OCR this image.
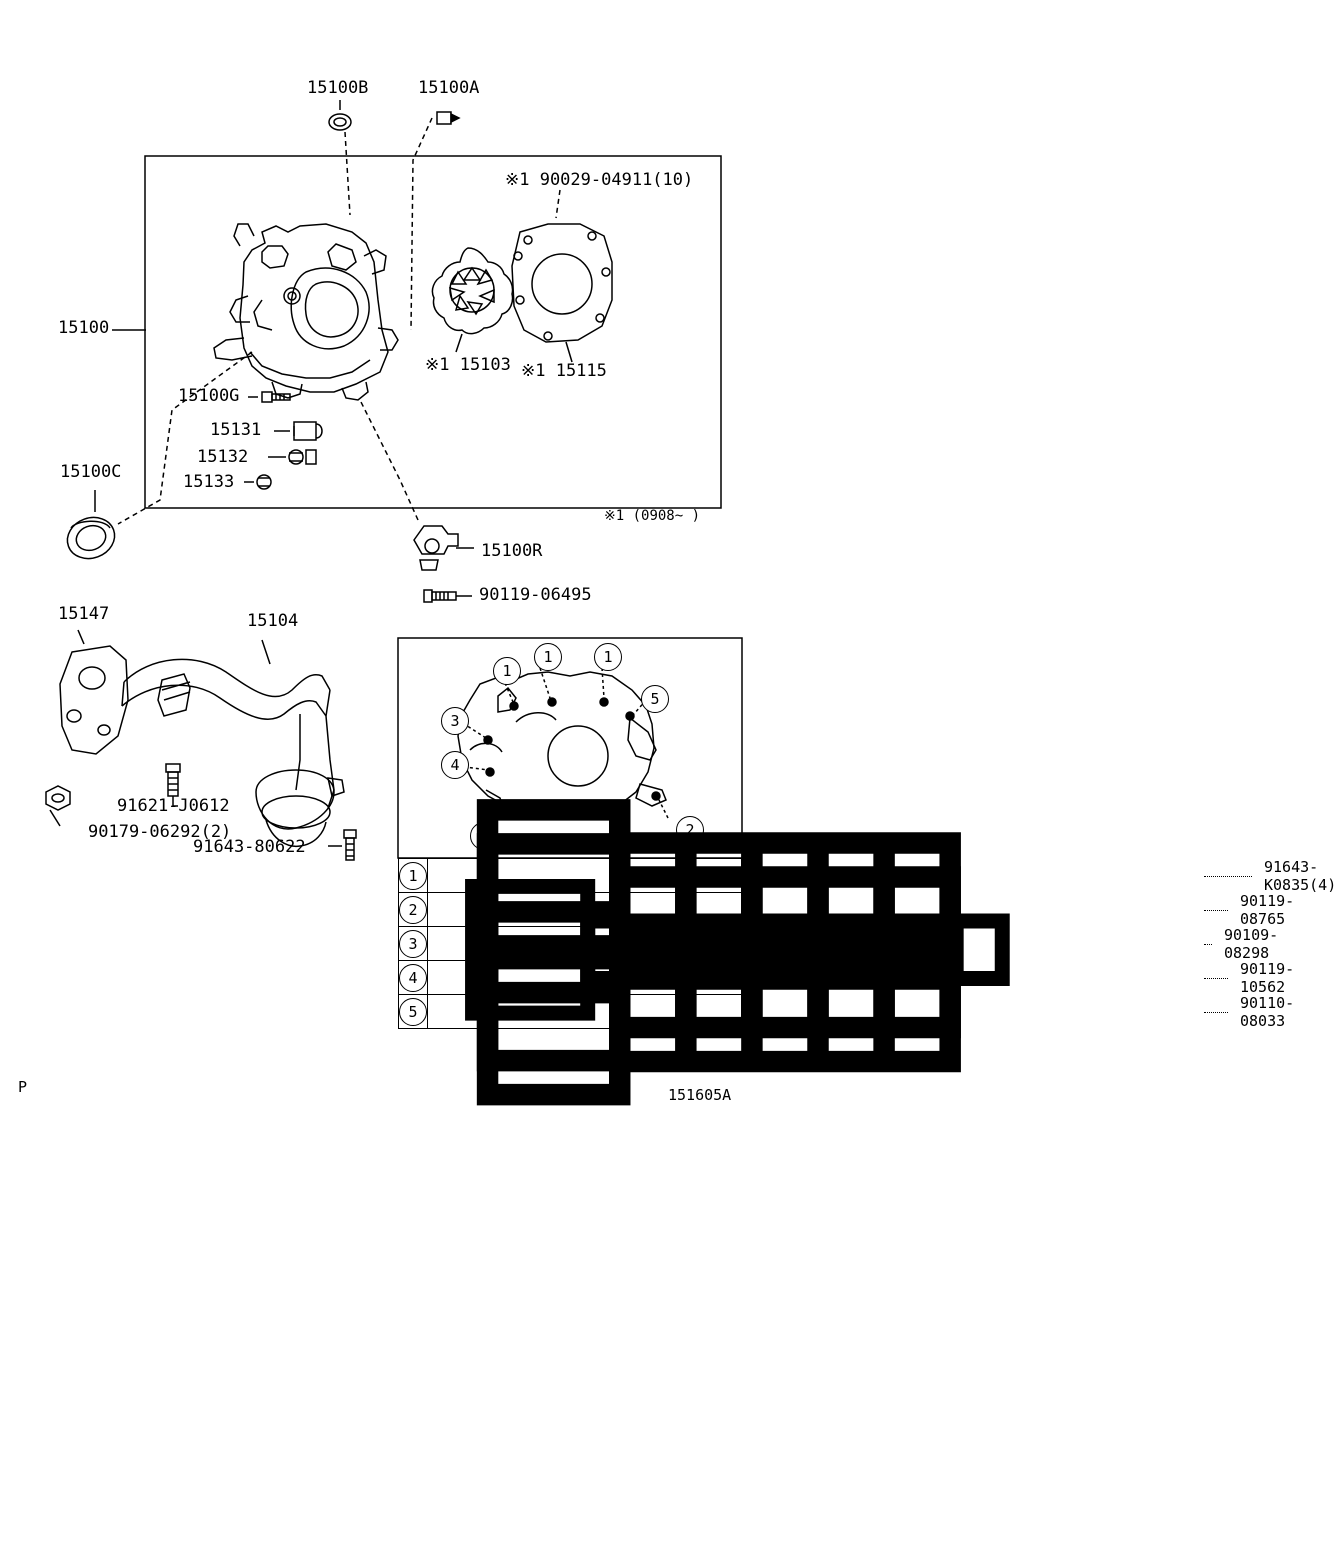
1
1	1
3
4
5
2
1
15100B	15100A
15100
15100C
15100G
15131
15132
15133
※1 15103 ※1 15115
※1 90029-04911(10)
15100R
90119-06495
15147	15104
91621-J0612
90179-06292(2)
91643-80622
※1 (0908~ )
1	91643-K0835(4)
2	90119-08765
3	90109-08298
4	90119-10562
5	90110-08033
P	151605A
